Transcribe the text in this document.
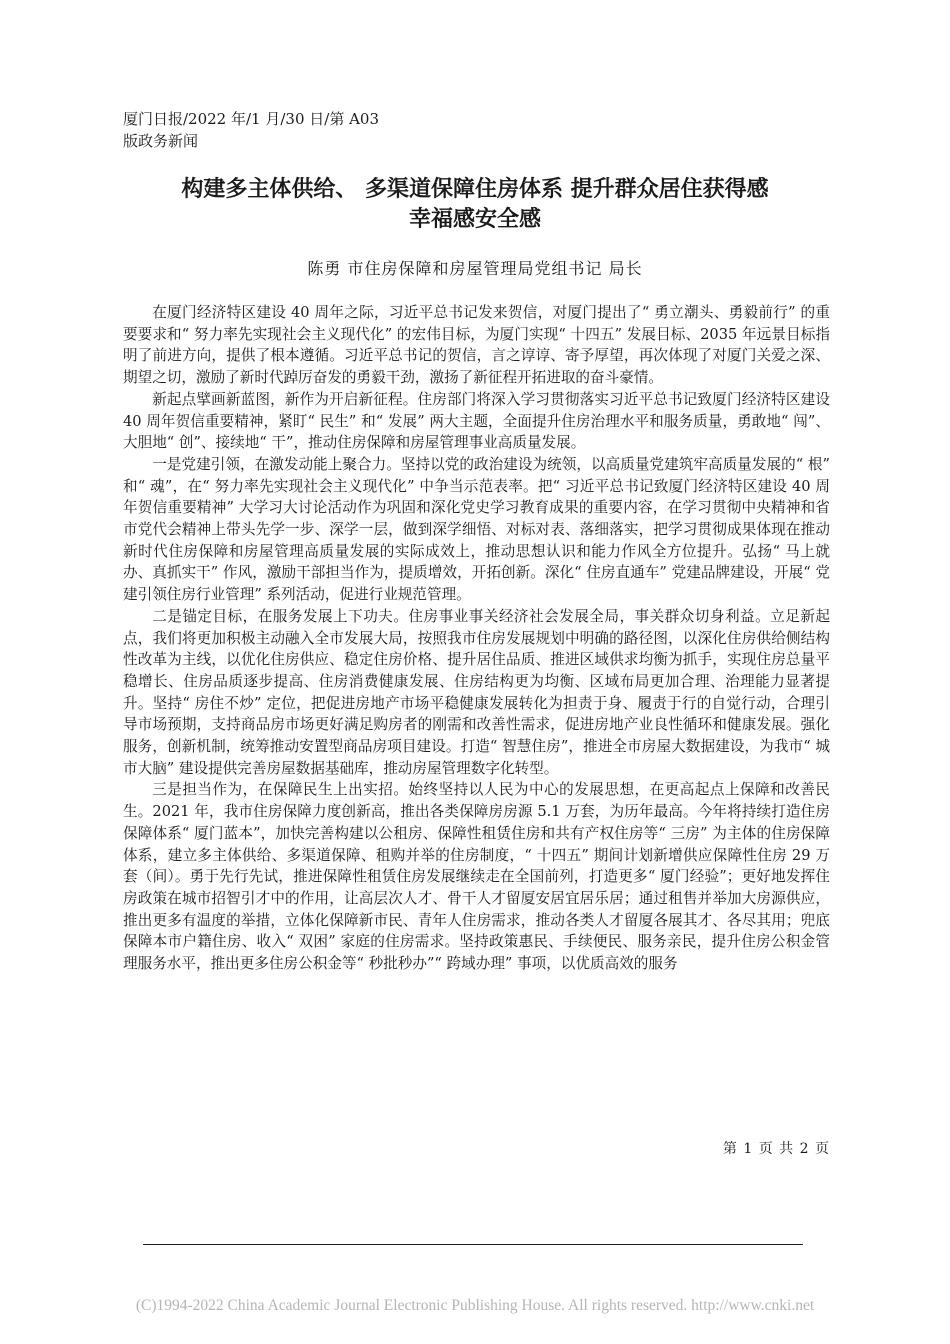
厦门日报/2022 年/1 月/30 日/第 A03
版政务新闻
构建多主体供给、 多渠道保障住房体系 提升群众居住获得感
幸福感安全感
陈勇 市住房保障和房屋管理局党组书记 局长

在厦门经济特区建设 40 周年之际，习近平总书记发来贺信，对厦门提出了“ 勇立潮头、勇毅前行” 的重要要求和“ 努力率先实现社会主义现代化” 的宏伟目标，为厦门实现“ 十四五” 发展目标、2035 年远景目标指明了前进方向，提供了根本遵循。习近平总书记的贺信，言之谆谆、寄予厚望，再次体现了对厦门关爱之深、期望之切，激励了新时代踔厉奋发的勇毅干劲，激扬了新征程开拓进取的奋斗豪情。

新起点擘画新蓝图，新作为开启新征程。住房部门将深入学习贯彻落实习近平总书记致厦门经济特区建设 40 周年贺信重要精神，紧盯“ 民生” 和“ 发展” 两大主题，全面提升住房治理水平和服务质量，勇敢地“ 闯”、大胆地“ 创”、接续地“ 干”，推动住房保障和房屋管理事业高质量发展。

一是党建引领，在激发动能上聚合力。坚持以党的政治建设为统领，以高质量党建筑牢高质量发展的“ 根” 和“ 魂”，在“ 努力率先实现社会主义现代化” 中争当示范表率。把“ 习近平总书记致厦门经济特区建设 40 周年贺信重要精神” 大学习大讨论活动作为巩固和深化党史学习教育成果的重要内容，在学习贯彻中央精神和省市党代会精神上带头先学一步、深学一层，做到深学细悟、对标对表、落细落实，把学习贯彻成果体现在推动新时代住房保障和房屋管理高质量发展的实际成效上，推动思想认识和能力作风全方位提升。弘扬“ 马上就办、真抓实干” 作风，激励干部担当作为，提质增效，开拓创新。深化“ 住房直通车” 党建品牌建设，开展“ 党建引领住房行业管理” 系列活动，促进行业规范管理。

二是锚定目标，在服务发展上下功夫。住房事业事关经济社会发展全局，事关群众切身利益。立足新起点，我们将更加积极主动融入全市发展大局，按照我市住房发展规划中明确的路径图，以深化住房供给侧结构性改革为主线，以优化住房供应、稳定住房价格、提升居住品质、推进区域供求均衡为抓手，实现住房总量平稳增长、住房品质逐步提高、住房消费健康发展、住房结构更为均衡、区域布局更加合理、治理能力显著提升。坚持“ 房住不炒” 定位，把促进房地产市场平稳健康发展转化为担责于身、履责于行的自觉行动，合理引导市场预期，支持商品房市场更好满足购房者的刚需和改善性需求，促进房地产业良性循环和健康发展。强化服务，创新机制，统筹推动安置型商品房项目建设。打造“ 智慧住房”，推进全市房屋大数据建设，为我市“ 城市大脑” 建设提供完善房屋数据基础库，推动房屋管理数字化转型。

三是担当作为，在保障民生上出实招。始终坚持以人民为中心的发展思想，在更高起点上保障和改善民生。2021 年，我市住房保障力度创新高，推出各类保障房房源 5.1 万套，为历年最高。今年将持续打造住房保障体系“ 厦门蓝本”，加快完善构建以公租房、保障性租赁住房和共有产权住房等“ 三房” 为主体的住房保障体系，建立多主体供给、多渠道保障、租购并举的住房制度，“ 十四五” 期间计划新增供应保障性住房 29 万套（间）。勇于先行先试，推进保障性租赁住房发展继续走在全国前列，打造更多“ 厦门经验”；更好地发挥住房政策在城市招智引才中的作用，让高层次人才、骨干人才留厦安居宜居乐居；通过租售并举加大房源供应，推出更多有温度的举措，立体化保障新市民、青年人住房需求，推动各类人才留厦各展其才、各尽其用；兜底保障本市户籍住房、收入“ 双困” 家庭的住房需求。坚持政策惠民、手续便民、服务亲民，提升住房公积金管理服务水平，推出更多住房公积金等“ 秒批秒办”“ 跨域办理” 事项，以优质高效的服务

第 1 页 共 2 页
(C)1994-2022 China Academic Journal Electronic Publishing House. All rights reserved. http://www.cnki.net
